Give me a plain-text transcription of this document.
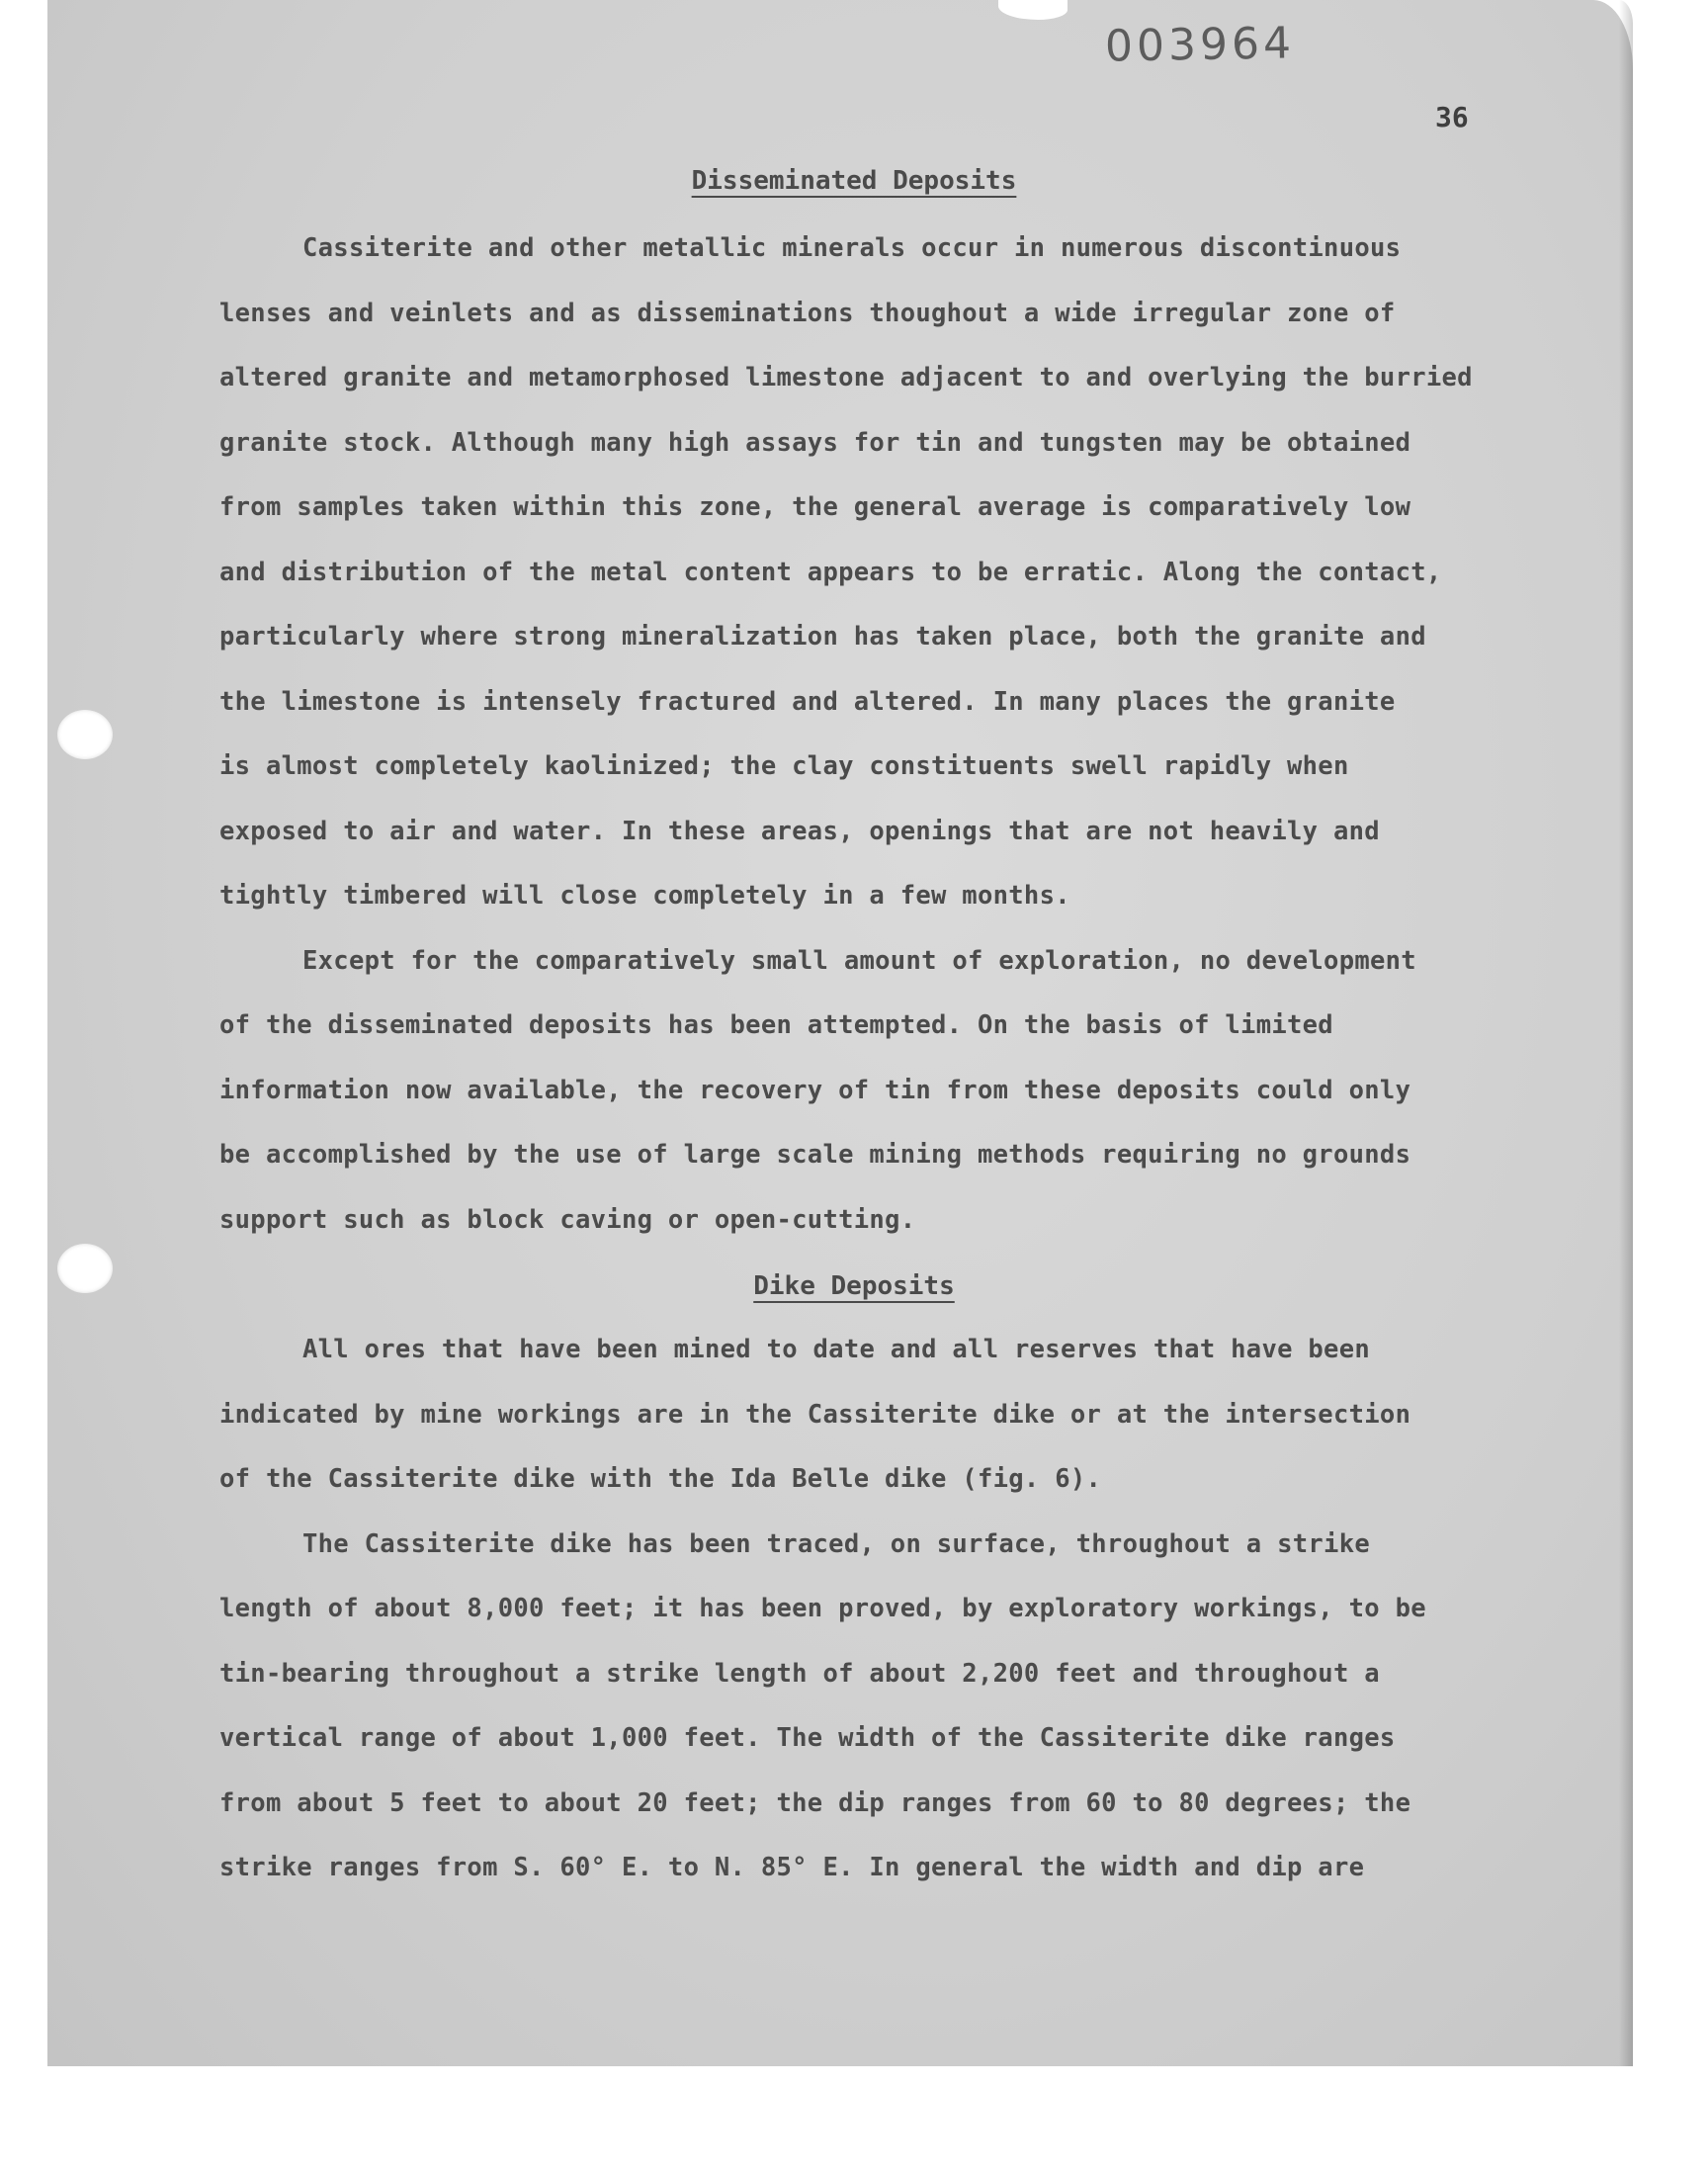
003964
36
Disseminated Deposits

Cassiterite and other metallic minerals occur in numerous discontinuous

lenses and veinlets and as disseminations thoughout a wide irregular zone of

altered granite and metamorphosed limestone adjacent to and overlying the burried

granite stock. Although many high assays for tin and tungsten may be obtained

from samples taken within this zone, the general average is comparatively low

and distribution of the metal content appears to be erratic. Along the contact,

particularly where strong mineralization has taken place, both the granite and

the limestone is intensely fractured and altered. In many places the granite

is almost completely kaolinized; the clay constituents swell rapidly when

exposed to air and water. In these areas, openings that are not heavily and

tightly timbered will close completely in a few months.

Except for the comparatively small amount of exploration, no development

of the disseminated deposits has been attempted. On the basis of limited

information now available, the recovery of tin from these deposits could only

be accomplished by the use of large scale mining methods requiring no grounds

support such as block caving or open-cutting.

Dike Deposits

All ores that have been mined to date and all reserves that have been

indicated by mine workings are in the Cassiterite dike or at the intersection

of the Cassiterite dike with the Ida Belle dike (fig. 6).

The Cassiterite dike has been traced, on surface, throughout a strike

length of about 8,000 feet; it has been proved, by exploratory workings, to be

tin-bearing throughout a strike length of about 2,200 feet and throughout a

vertical range of about 1,000 feet. The width of the Cassiterite dike ranges

from about 5 feet to about 20 feet; the dip ranges from 60 to 80 degrees; the

strike ranges from S. 60° E. to N. 85° E. In general the width and dip are
